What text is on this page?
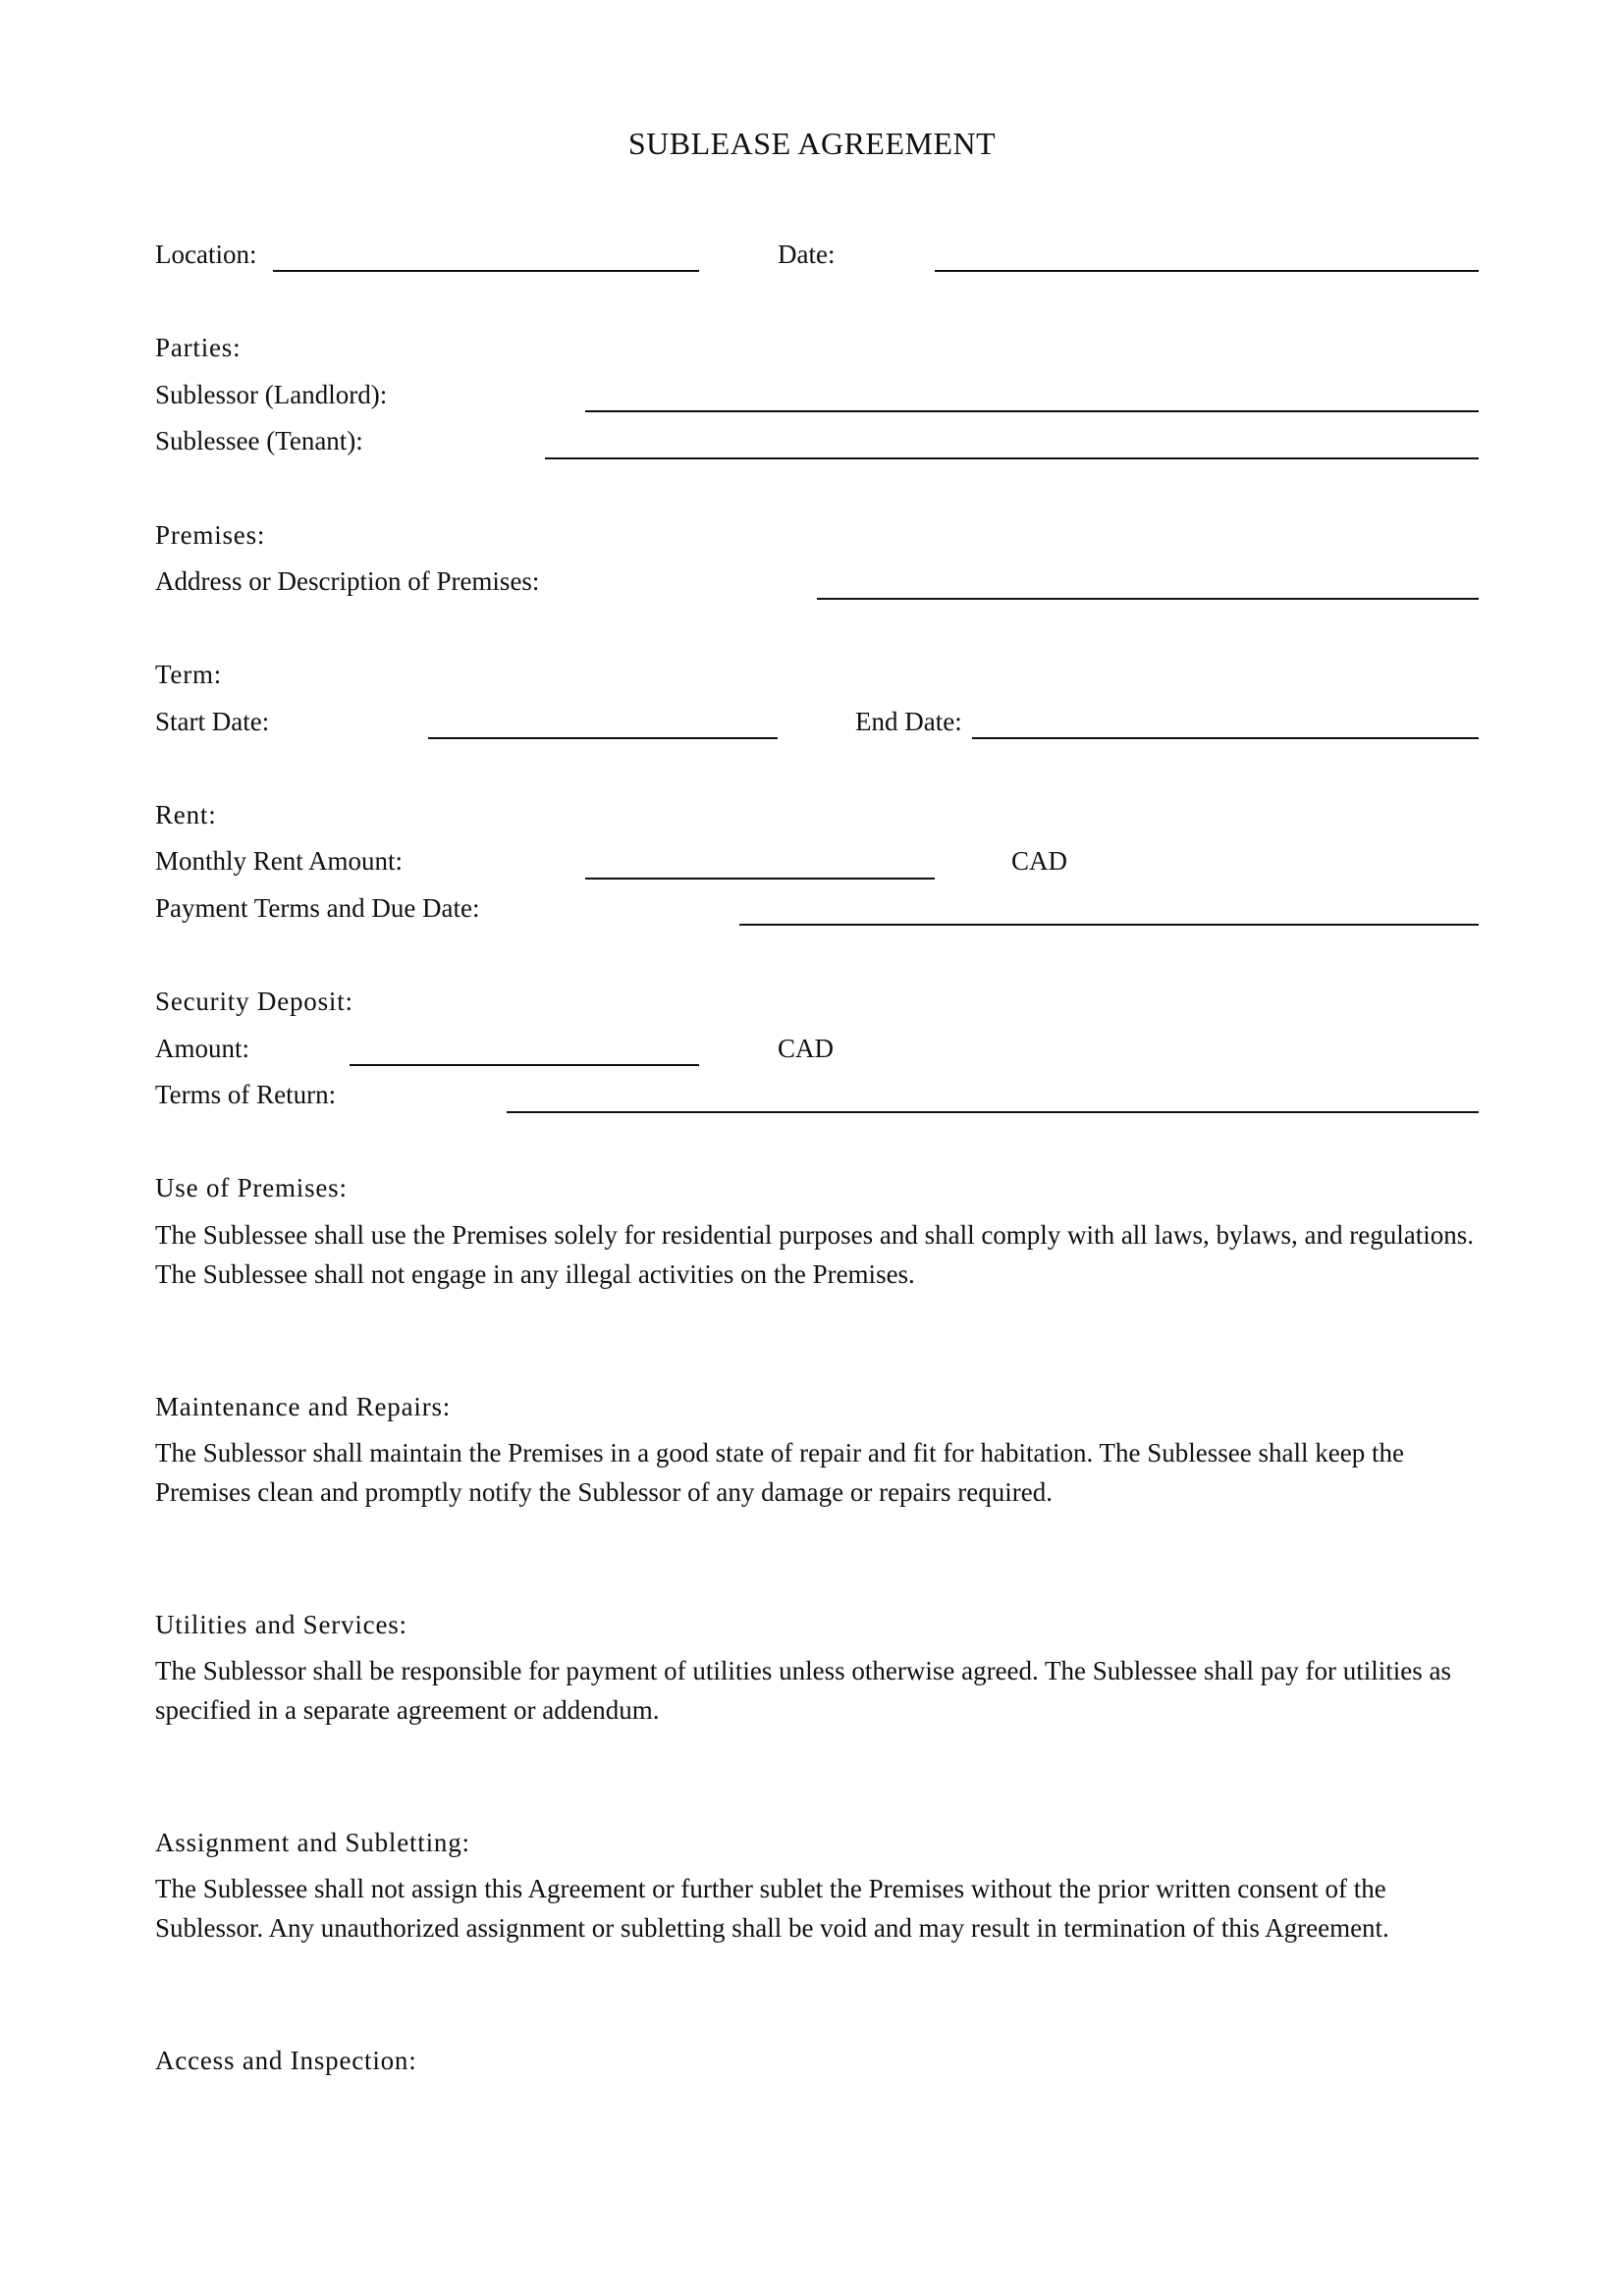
SUBLEASE AGREEMENT
Location:	Date:
Parties:
Sublessor (Landlord):
Sublessee (Tenant):
Premises:
Address or Description of Premises:
Term:
Start Date:	End Date:
Rent:
Monthly Rent Amount:	CAD
Payment Terms and Due Date:
Security Deposit:
Amount:	CAD
Terms of Return:
Use of Premises:
The Sublessee shall use the Premises solely for residential purposes and shall comply with all laws, bylaws, and regulations. The Sublessee shall not engage in any illegal activities on the Premises.
Maintenance and Repairs:
The Sublessor shall maintain the Premises in a good state of repair and fit for habitation. The Sublessee shall keep the Premises clean and promptly notify the Sublessor of any damage or repairs required.
Utilities and Services:
The Sublessor shall be responsible for payment of utilities unless otherwise agreed. The Sublessee shall pay for utilities as specified in a separate agreement or addendum.
Assignment and Subletting:
The Sublessee shall not assign this Agreement or further sublet the Premises without the prior written consent of the Sublessor. Any unauthorized assignment or subletting shall be void and may result in termination of this Agreement.
Access and Inspection:
